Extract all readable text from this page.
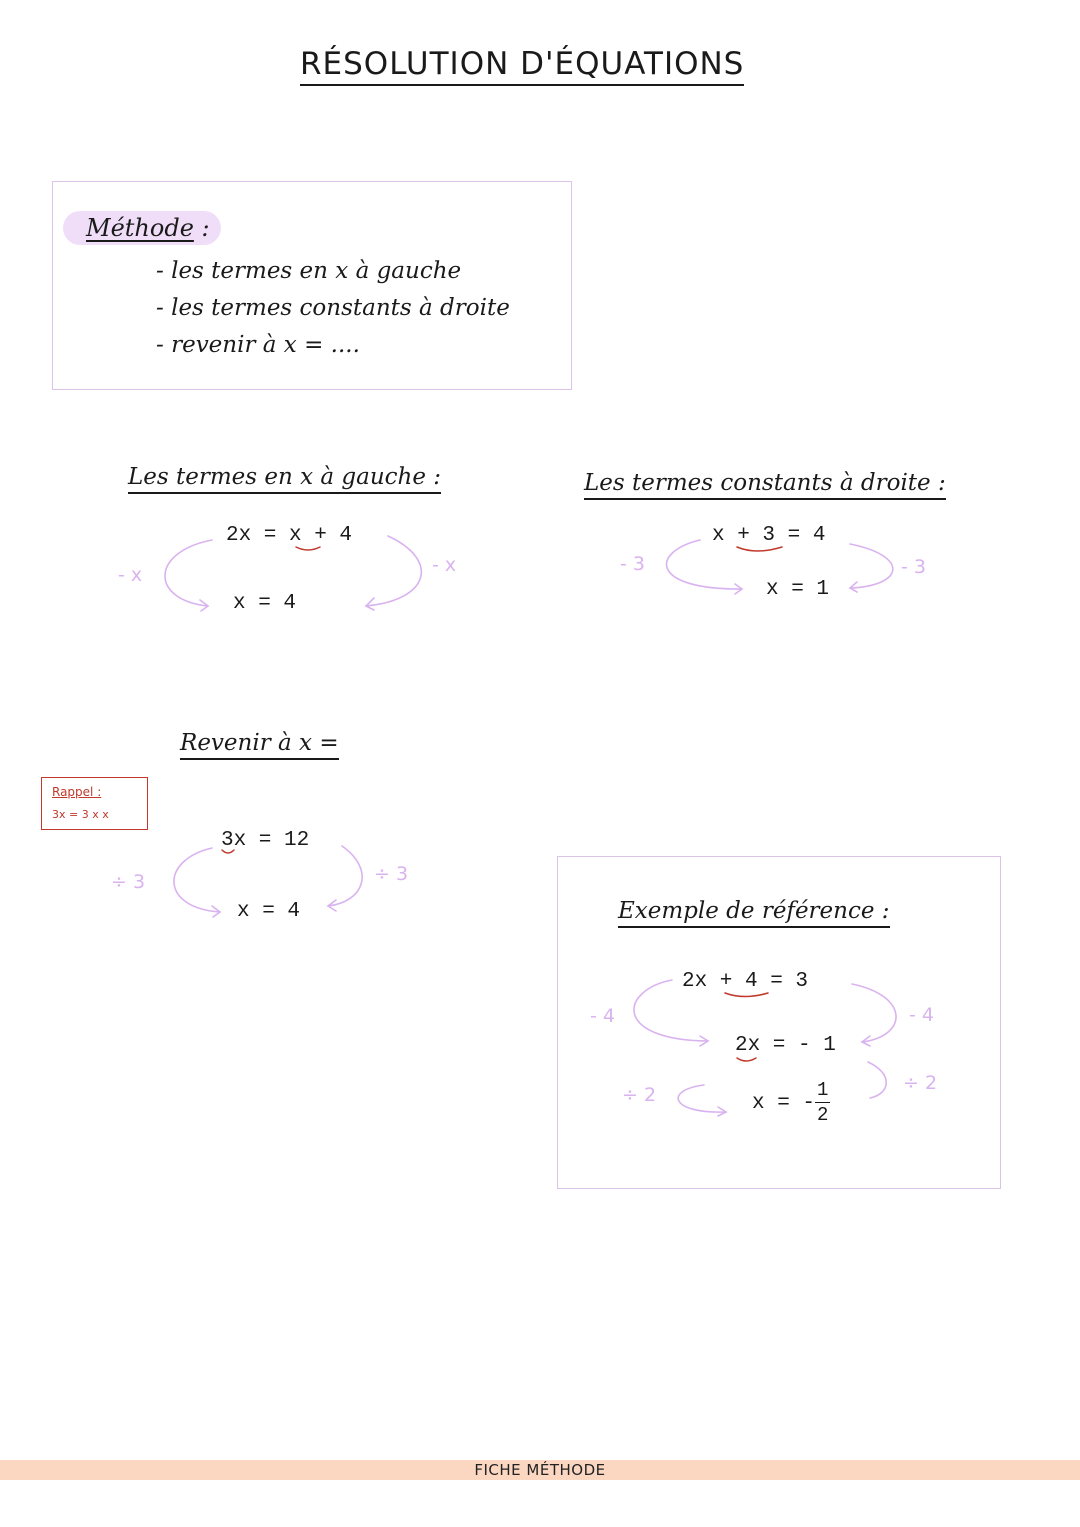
RÉSOLUTION D'ÉQUATIONS
Méthode :
- les termes en x à gauche
- les termes constants à droite
- revenir à x = ....
Les termes en x à gauche :
2x = x + 4
x = 4
- x	- x
Les termes constants à droite :
x + 3 = 4
x = 1
- 3	- 3
Revenir à x =
3x = 12
x = 4
÷ 3	÷ 3
Rappel :
3x = 3 x x
Exemple de référence :
2x + 4 = 3
2x = - 1
x = - $\frac{1}{2}$
- 4	- 4
÷ 2
÷ 2
FICHE MÉTHODE
